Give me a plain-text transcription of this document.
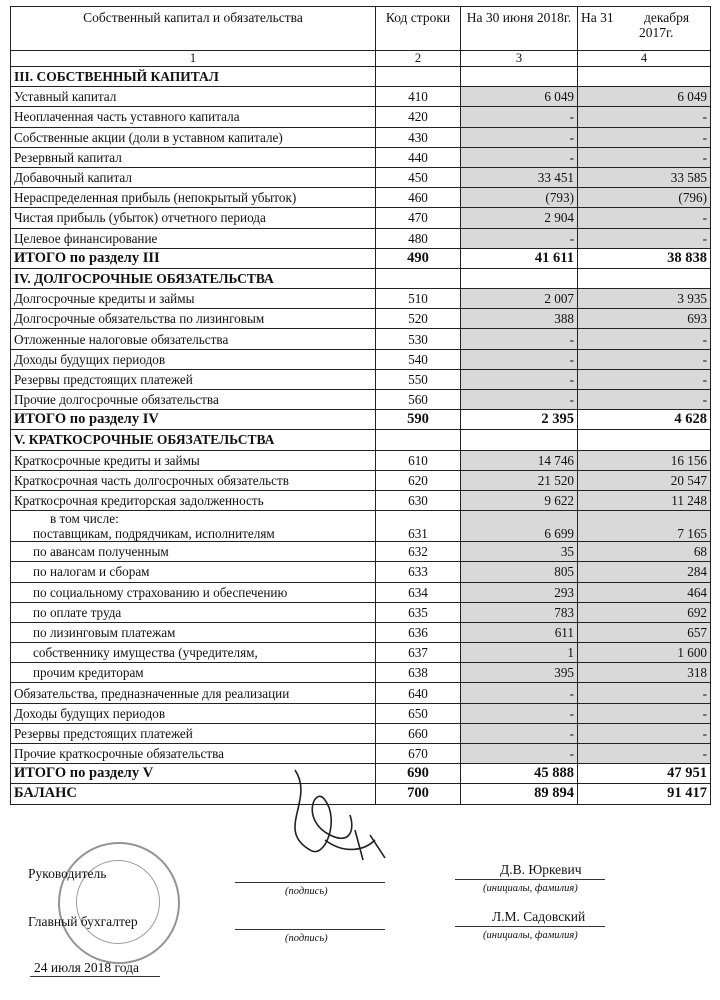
Собственный капитал и обязательства	Код строки	На 30 июня 2018г.	На 31 декабря
2017г.
1	2	3	4
III. СОБСТВЕННЫЙ КАПИТАЛ			
Уставный капитал	410	6 049	6 049
Неоплаченная часть уставного капитала	420	-	-
Собственные акции (доли в уставном капитале)	430	-	-
Резервный капитал	440	-	-
Добавочный капитал	450	33 451	33 585
Нераспределенная прибыль (непокрытый убыток)	460	(793)	(796)
Чистая прибыль (убыток) отчетного периода	470	2 904	-
Целевое финансирование	480	-	-
ИТОГО по разделу III	490	41 611	38 838
IV. ДОЛГОСРОЧНЫЕ ОБЯЗАТЕЛЬСТВА			
Долгосрочные кредиты и займы	510	2 007	3 935
Долгосрочные обязательства по лизинговым	520	388	693
Отложенные налоговые обязательства	530	-	-
Доходы будущих периодов	540	-	-
Резервы предстоящих платежей	550	-	-
Прочие долгосрочные обязательства	560	-	-
ИТОГО по разделу IV	590	2 395	4 628
V. КРАТКОСРОЧНЫЕ ОБЯЗАТЕЛЬСТВА			
Краткосрочные кредиты и займы	610	14 746	16 156
Краткосрочная часть долгосрочных обязательств	620	21 520	20 547
Краткосрочная кредиторская задолженность	630	9 622	11 248

в том числе:
поставщикам, подрядчикам, исполнителям	631	6 699	7 165
по авансам полученным	632	35	68
по налогам и сборам	633	805	284
по социальному страхованию и обеспечению	634	293	464
по оплате труда	635	783	692
по лизинговым платежам	636	611	657
собственнику имущества (учредителям,	637	1	1 600
прочим кредиторам	638	395	318
Обязательства, предназначенные для реализации	640	-	-
Доходы будущих периодов	650	-	-
Резервы предстоящих платежей	660	-	-
Прочие краткосрочные обязательства	670	-	-
ИТОГО по разделу V	690	45 888	47 951
БАЛАНС	700	89 894	91 417
Руководитель
(подпись)
Д.В. Юркевич
(инициалы, фамилия)
Главный бухгалтер
(подпись)
Л.М. Садовский
(инициалы, фамилия)
24 июля 2018 года
